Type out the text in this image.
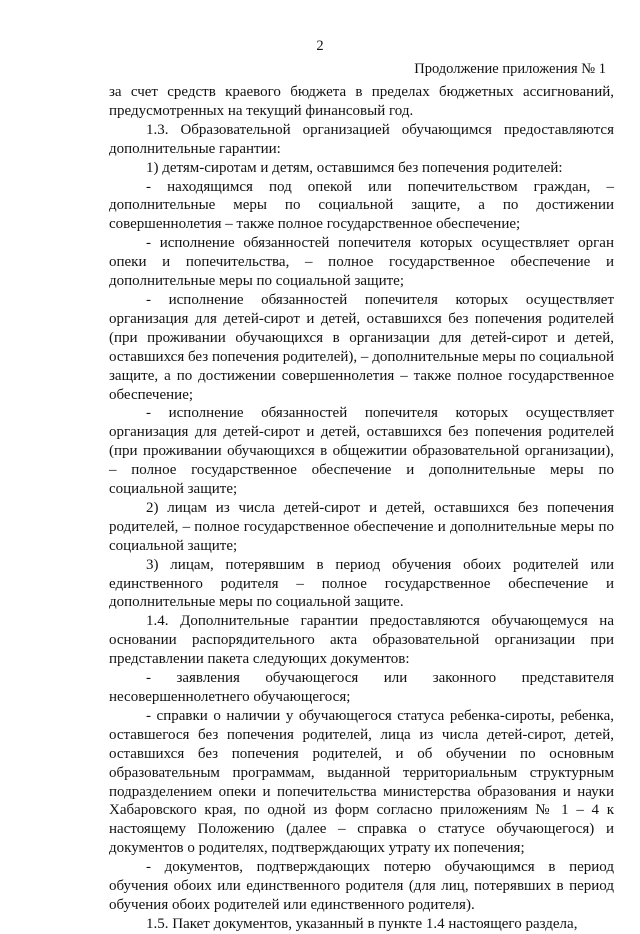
2
Продолжение приложения № 1

за счет средств краевого бюджета в пределах бюджетных ассигнований, предусмотренных на текущий финансовый год.

1.3. Образовательной организацией обучающимся предоставляются дополнительные гарантии:

1) детям-сиротам и детям, оставшимся без попечения родителей:

- находящимся под опекой или попечительством граждан, – дополнительные меры по социальной защите, а по достижении совершеннолетия – также полное государственное обеспечение;

- исполнение обязанностей попечителя которых осуществляет орган опеки и попечительства, – полное государственное обеспечение и дополнительные меры по социальной защите;

- исполнение обязанностей попечителя которых осуществляет организация для детей-сирот и детей, оставшихся без попечения родителей (при проживании обучающихся в организации для детей-сирот и детей, оставшихся без попечения родителей), – дополнительные меры по социальной защите, а по достижении совершеннолетия – также полное государственное обеспечение;

- исполнение обязанностей попечителя которых осуществляет организация для детей-сирот и детей, оставшихся без попечения родителей (при проживании обучающихся в общежитии образовательной организации), – полное государственное обеспечение и дополнительные меры по социальной защите;

2) лицам из числа детей-сирот и детей, оставшихся без попечения родителей, – полное государственное обеспечение и дополнительные меры по социальной защите;

3) лицам, потерявшим в период обучения обоих родителей или единственного родителя – полное государственное обеспечение и дополнительные меры по социальной защите.

1.4. Дополнительные гарантии предоставляются обучающемуся на основании распорядительного акта образовательной организации при представлении пакета следующих документов:

- заявления обучающегося или законного представителя несовершеннолетнего обучающегося;

- справки о наличии у обучающегося статуса ребенка-сироты, ребенка, оставшегося без попечения родителей, лица из числа детей-сирот, детей, оставшихся без попечения родителей, и об обучении по основным образовательным программам, выданной территориальным структурным подразделением опеки и попечительства министерства образования и науки Хабаровского края, по одной из форм согласно приложениям № 1 – 4 к настоящему Положению (далее – справка о статусе обучающегося) и документов о родителях, подтверждающих утрату их попечения;

- документов, подтверждающих потерю обучающимся в период обучения обоих или единственного родителя (для лиц, потерявших в период обучения обоих родителей или единственного родителя).

1.5. Пакет документов, указанный в пункте 1.4 настоящего раздела,
